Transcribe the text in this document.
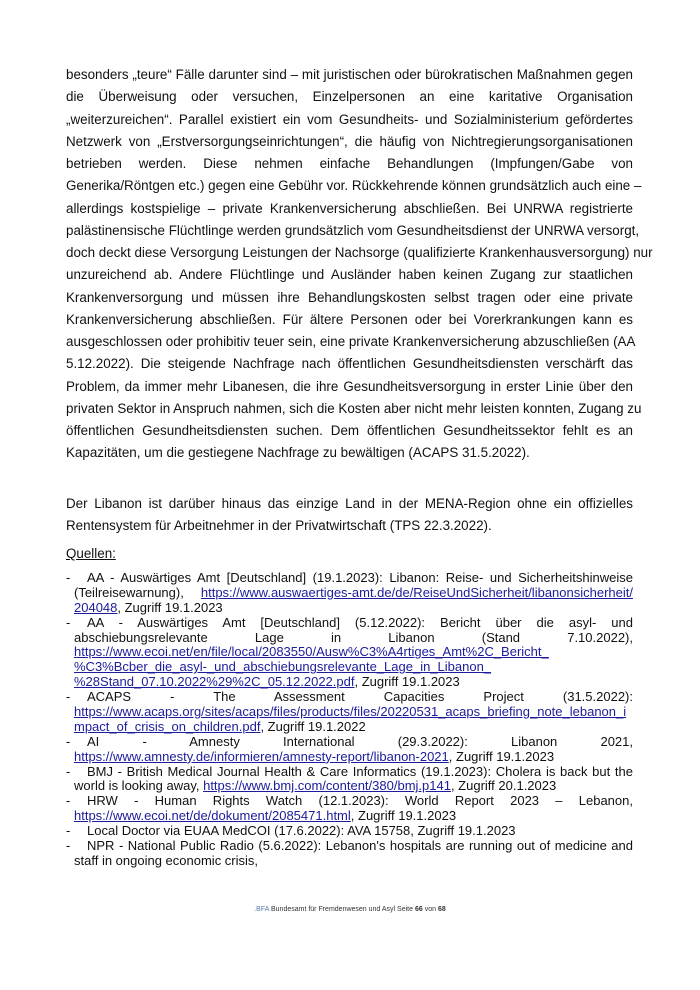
besonders „teure“ Fälle darunter sind – mit juristischen oder bürokratischen Maßnahmen gegen
die Überweisung oder versuchen, Einzelpersonen an eine karitative Organisation
„weiterzureichen“. Parallel existiert ein vom Gesundheits- und Sozialministerium gefördertes
Netzwerk von „Erstversorgungseinrichtungen“, die häufig von Nichtregierungsorganisationen
betrieben werden. Diese nehmen einfache Behandlungen (Impfungen/Gabe von
Generika/Röntgen etc.) gegen eine Gebühr vor. Rückkehrende können grundsätzlich auch eine –
allerdings kostspielige – private Krankenversicherung abschließen. Bei UNRWA registrierte
palästinensische Flüchtlinge werden grundsätzlich vom Gesundheitsdienst der UNRWA versorgt,
doch deckt diese Versorgung Leistungen der Nachsorge (qualifizierte Krankenhausversorgung) nur
unzureichend ab. Andere Flüchtlinge und Ausländer haben keinen Zugang zur staatlichen
Krankenversorgung und müssen ihre Behandlungskosten selbst tragen oder eine private
Krankenversicherung abschließen. Für ältere Personen oder bei Vorerkrankungen kann es
ausgeschlossen oder prohibitiv teuer sein, eine private Krankenversicherung abzuschließen (AA
5.12.2022). Die steigende Nachfrage nach öffentlichen Gesundheitsdiensten verschärft das
Problem, da immer mehr Libanesen, die ihre Gesundheitsversorgung in erster Linie über den
privaten Sektor in Anspruch nahmen, sich die Kosten aber nicht mehr leisten konnten, Zugang zu
öffentlichen Gesundheitsdiensten suchen. Dem öffentlichen Gesundheitssektor fehlt es an
Kapazitäten, um die gestiegene Nachfrage zu bewältigen (ACAPS 31.5.2022).
Der Libanon ist darüber hinaus das einzige Land in der MENA-Region ohne ein offizielles
Rentensystem für Arbeitnehmer in der Privatwirtschaft (TPS 22.3.2022).
Quellen:
-	AA - Auswärtiges Amt [Deutschland] (19.1.2023): Libanon: Reise- und Sicherheitshinweise
(Teilreisewarnung), https://www.auswaertiges-amt.de/de/ReiseUndSicherheit/libanonsicherheit/
204048, Zugriff 19.1.2023
-	AA - Auswärtiges Amt [Deutschland] (5.12.2022): Bericht über die asyl- und
abschiebungsrelevante Lage in Libanon (Stand 7.10.2022),
https://www.ecoi.net/en/file/local/2083550/Ausw%C3%A4rtiges_Amt%2C_Bericht_
%C3%Bcber_die_asyl-_und_abschiebungsrelevante_Lage_in_Libanon_
%28Stand_07.10.2022%29%2C_05.12.2022.pdf, Zugriff 19.1.2023
-	ACAPS - The Assessment Capacities Project (31.5.2022):
https://www.acaps.org/sites/acaps/files/products/files/20220531_acaps_briefing_note_lebanon_i
mpact_of_crisis_on_children.pdf, Zugriff 19.1.2022
-	AI - Amnesty International (29.3.2022): Libanon 2021,
https://www.amnesty.de/informieren/amnesty-report/libanon-2021, Zugriff 19.1.2023
-	BMJ - British Medical Journal Health & Care Informatics (19.1.2023): Cholera is back but the
world is looking away, https://www.bmj.com/content/380/bmj.p141, Zugriff 20.1.2023
-	HRW - Human Rights Watch (12.1.2023): World Report 2023 – Lebanon,
https://www.ecoi.net/de/dokument/2085471.html, Zugriff 19.1.2023
-	Local Doctor via EUAA MedCOI (17.6.2022): AVA 15758, Zugriff 19.1.2023
-	NPR - National Public Radio (5.6.2022): Lebanon's hospitals are running out of medicine and
staff in ongoing economic crisis,
.BFA Bundesamt für Fremdenwesen und Asyl Seite 66 von 68
